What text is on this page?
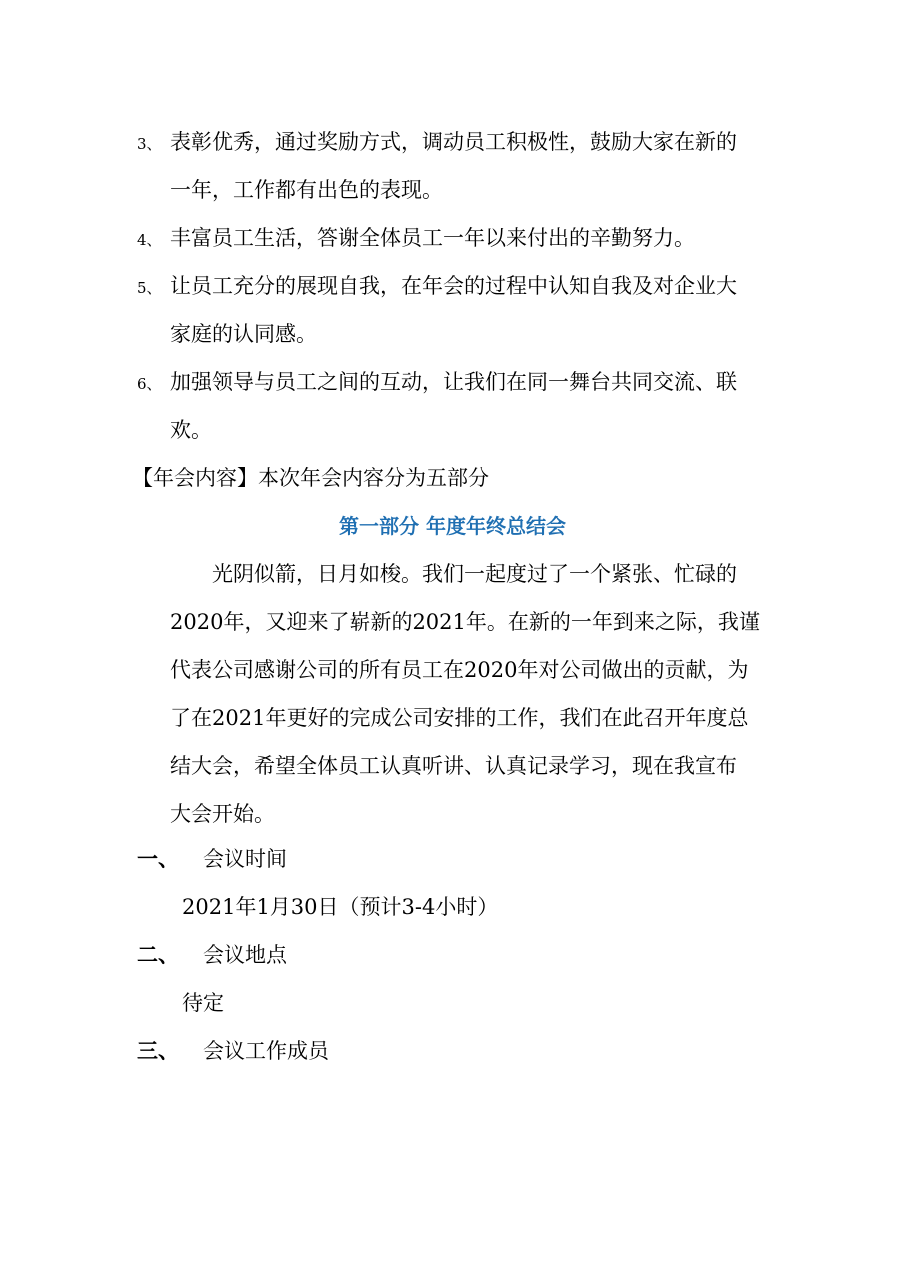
3、 表彰优秀，通过奖励方式，调动员工积极性，鼓励大家在新的
一年，工作都有出色的表现。
4、 丰富员工生活，答谢全体员工一年以来付出的辛勤努力。
5、 让员工充分的展现自我，在年会的过程中认知自我及对企业大
家庭的认同感。
6、 加强领导与员工之间的互动，让我们在同一舞台共同交流、联
欢。
【年会内容】本次年会内容分为五部分
第一部分 年度年终总结会
光阴似箭，日月如梭。我们一起度过了一个紧张、忙碌的
2020年，又迎来了崭新的2021年。在新的一年到来之际，我谨
代表公司感谢公司的所有员工在2020年对公司做出的贡献，为
了在2021年更好的完成公司安排的工作，我们在此召开年度总
结大会，希望全体员工认真听讲、认真记录学习，现在我宣布
大会开始。
一、 会议时间
2021年1月30日（预计3-4小时）
二、 会议地点
待定
三、 会议工作成员
